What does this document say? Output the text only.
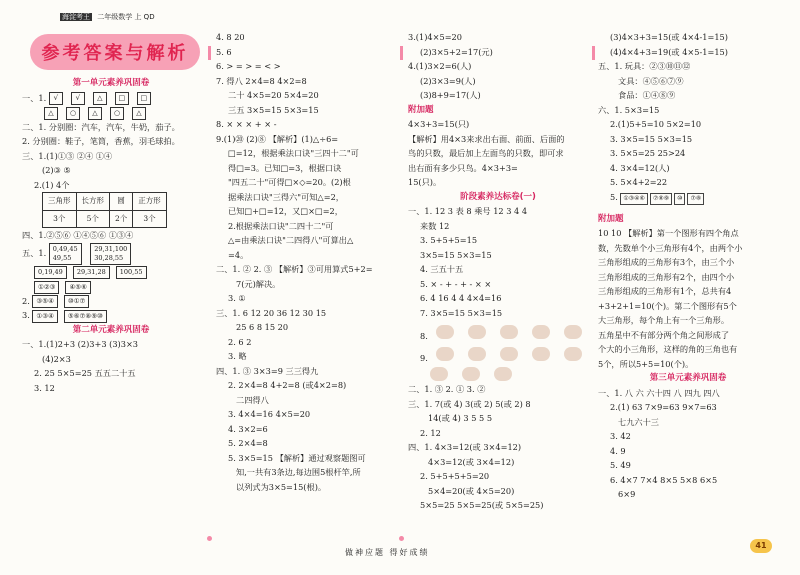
海淀考王 二年级数学 上 QD
参考答案与解析
第一单元素养巩固卷
一、1. √	√ △ □ □
△ ○ △ ○ △
二、1. 分别圈：汽车，汽车，牛奶，茄子。
2. 分别圈：鞋子，笔筒，香蕉，羽毛球拍。
三、1.(1)①③ ②④ ①④
(2)③ ⑤
2.(1) 4个
三角形	长方形	圆	正方形
3个	5个	2个	3个
四、1.②⑤⑥ ①④⑤⑥ ①③④
五、1. 0,49,45
49,55 29,31,100
30,28,55
0,19,49 29,31,28 100,55
①②③ ④⑤⑥
2. ③⑤④ ⑩①⑦
3. ①③④ ⑤⑥⑦⑧⑨⑩
第二单元素养巩固卷
一、1.(1)2+3 (2)3+3 (3)3×3
(4)2×3
2. 25 5×5=25 五五二十五
3. 12
4. 8 20
5. 6
6. > = > = < >
7. 得八 2×4=8 4×2=8
二十 4×5=20 5×4=20
三五 3×5=15 5×3=15
8. × × × + × -
9.(1)⑳ (2)⑧ 【解析】(1)△÷6=
□=12，根据乘法口诀"三四十二"可
得□=3。已知□=3，根据口诀
"四五二十"可得□×◇=20。(2)根
据乘法口诀"三得六"可知△=2，
已知□+□=12，又□×□=2，
2.根据乘法口诀"二四十二"可
△=由乘法口诀"二四得八"可算出△
=4。
二、1. ② 2. ③ 【解析】③可用算式5+2=
7(元)解决。
3. ①
三、1. 6 12 20 36 12 30 15
25 6 8 15 20
2. 6 2
3. 略
四、1. ③ 3×3=9 三三得九
2. 2×4=8 4+2=8 (或4×2=8)
二四得八
3. 4×4=16 4×5=20
4. 3×2=6
5. 2×4=8
5. 3×5=15 【解析】通过观察题图可
知,一共有3条边,每边围5根杆竿,所
以列式为3×5=15(根)。
3.(1)4×5=20
(2)3×5+2=17(元)
4.(1)3×2=6(人)
(2)3×3=9(人)
(3)8+9=17(人)
附加题
4×3+3=15(只)
【解析】用4×3来求出右面、前面、后面的
鸟的只数，最后加上左面鸟的只数，即可求
出右面有多少只鸟。4×3+3=
15(只)。
阶段素养达标卷(一)
一、1. 12 3 表 8 乘号 12 3 4 4
来数 12
3. 5+5+5=15
3×5=15 5×3=15
4. 三五十五
5. × - + - + - × ×
6. 4 16 4 4 4×4=16
7. 3×5=15 5×3=15
8.
9.
二、1. ③ 2. ① 3. ②
三、1. 7(或 4) 3(或 2) 5(或 2) 8
14(或 4) 3 5 5 5
2. 12
四、1. 4×3=12(或 3×4=12)
4×3=12(或 3×4=12)
2. 5+5+5+5=20
5×4=20(或 4×5=20)
5×5=25 5×5=25(或 5×5=25)
(3)4×3+3=15(或 4×4-1=15)
(4)4×4+3=19(或 4×5-1=15)
五、1. 玩具：②③⑩⑪⑫
文具：④⑤⑥⑦⑨
食品：①④⑧⑨
六、1. 5×3=15
2.(1)5+5=10 5×2=10
3. 3×5=15 5×3=15
3. 5×5=25 25>24
4. 3×4=12(人)
5. 5×4+2=22
5. ①③④⑥ ⑦⑧⑨ ⑩ ⑦⑧
附加题
10 10 【解析】第一个图形有四个角点
数，先数单个小三角形有4个，由两个小
三角形组成的三角形有3个，由三个小
三角形组成的三角形有2个，由四个小
三角形组成的三角形有1个，总共有4
+3+2+1=10(个)。第二个图形有5个
大三角形，每个角上有一个三角形。
五角星中不有部分两个角之间形成了
个大的小三角形，这样的角的三角也有
5个，所以5+5=10(个)。
第三单元素养巩固卷
一、1. 八 六 六十四 八 四九 四八
2.(1) 63 7×9=63 9×7=63
七九六十三
3. 42
4. 9
5. 49
6. 4×7 7×4 8×5 5×8 6×5
6×9
做神应题 得好成绩
41
